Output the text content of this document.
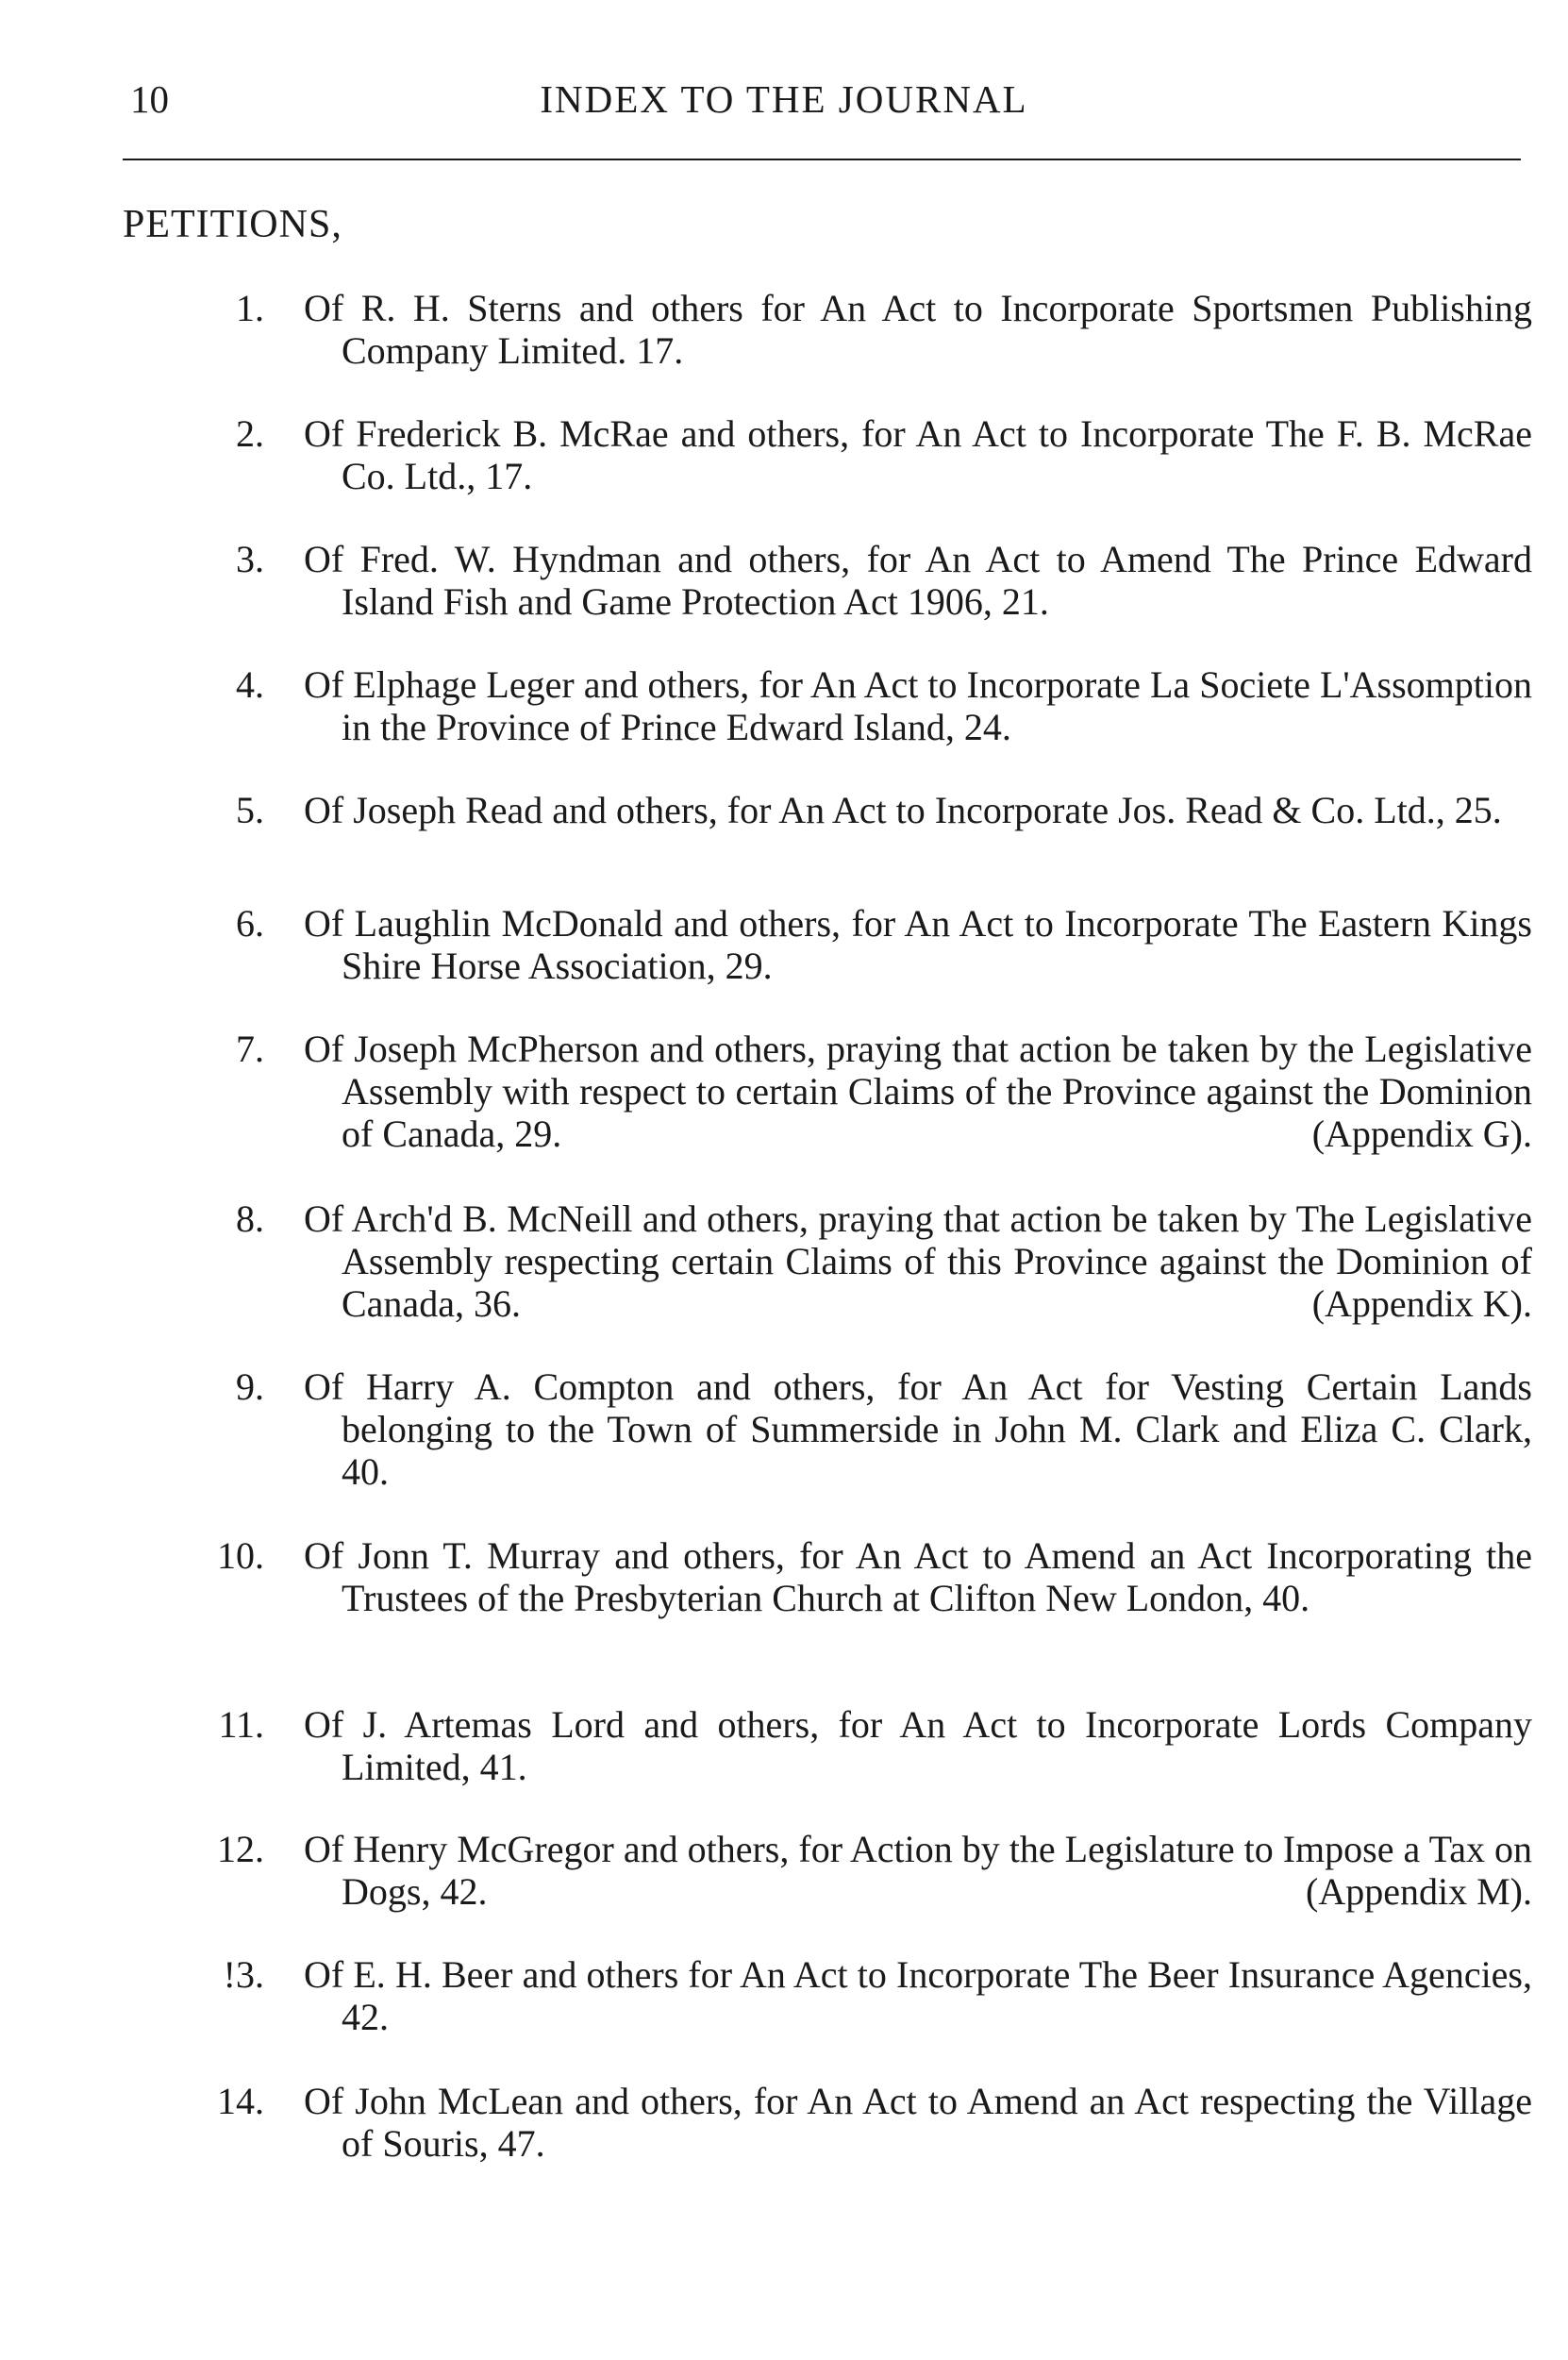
10	INDEX TO THE JOURNAL
PETITIONS,
1. Of R. H. Sterns and others for An Act to Incorporate Sportsmen Publishing Company Limited. 17.
2. Of Frederick B. McRae and others, for An Act to Incorporate The F. B. McRae Co. Ltd., 17.
3. Of Fred. W. Hyndman and others, for An Act to Amend The Prince Edward Island Fish and Game Protection Act 1906, 21.
4. Of Elphage Leger and others, for An Act to Incorporate La Societe L'Assomption in the Province of Prince Edward Island, 24.
5. Of Joseph Read and others, for An Act to Incorporate Jos. Read & Co. Ltd., 25.
6. Of Laughlin McDonald and others, for An Act to Incorporate The Eastern Kings Shire Horse Association, 29.
7. Of Joseph McPherson and others, praying that action be taken by the Legislative Assembly with respect to certain Claims of the Province against the Dominion of Canada, 29.	(Appendix G).
8. Of Arch'd B. McNeill and others, praying that action be taken by The Legislative Assembly respecting certain Claims of this Province against the Dominion of Canada, 36.	(Appendix K).
9. Of Harry A. Compton and others, for An Act for Vesting Certain Lands belonging to the Town of Summerside in John M. Clark and Eliza C. Clark, 40.
10. Of Jonn T. Murray and others, for An Act to Amend an Act Incorporating the Trustees of the Presbyterian Church at Clifton New London, 40.
11. Of J. Artemas Lord and others, for An Act to Incorporate Lords Company Limited, 41.
12. Of Henry McGregor and others, for Action by the Legislature to Impose a Tax on Dogs, 42.	(Appendix M).
!3. Of E. H. Beer and others for An Act to Incorporate The Beer Insurance Agencies, 42.
14. Of John McLean and others, for An Act to Amend an Act respecting the Village of Souris, 47.
